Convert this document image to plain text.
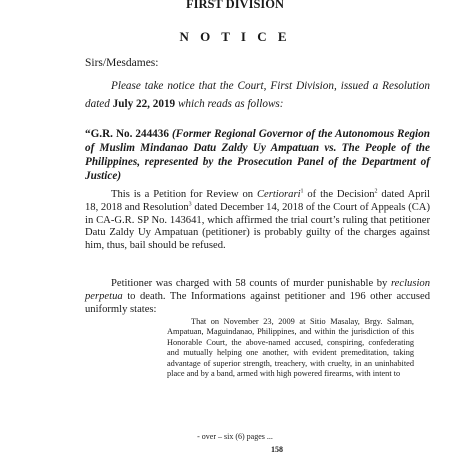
FIRST DIVISION

N O T I C E

Sirs/Mesdames:

Please take notice that the Court, First Division, issued a Resolution dated July 22, 2019 which reads as follows:

“G.R. No. 244436 (Former Regional Governor of the Autonomous Region of Muslim Mindanao Datu Zaldy Uy Ampatuan vs. The People of the Philippines, represented by the Prosecution Panel of the Department of Justice)

This is a Petition for Review on Certiorari$^1$ of the Decision$^2$ dated April 18, 2018 and Resolution$^3$ dated December 14, 2018 of the Court of Appeals (CA) in CA-G.R. SP No. 143641, which affirmed the trial court’s ruling that petitioner Datu Zaldy Uy Ampatuan (petitioner) is probably guilty of the charges against him, thus, bail should be refused.

Petitioner was charged with 58 counts of murder punishable by reclusion perpetua to death. The Informations against petitioner and 196 other accused uniformly states:

That on November 23, 2009 at Sitio Masalay, Brgy. Salman, Ampatuan, Maguindanao, Philippines, and within the jurisdiction of this Honorable Court, the above-named accused, conspiring, confederating and mutually helping one another, with evident premeditation, taking advantage of superior strength, treachery, with cruelty, in an uninhabited place and by a band, armed with high powered firearms, with intent to

- over – six (6) pages ...

158
